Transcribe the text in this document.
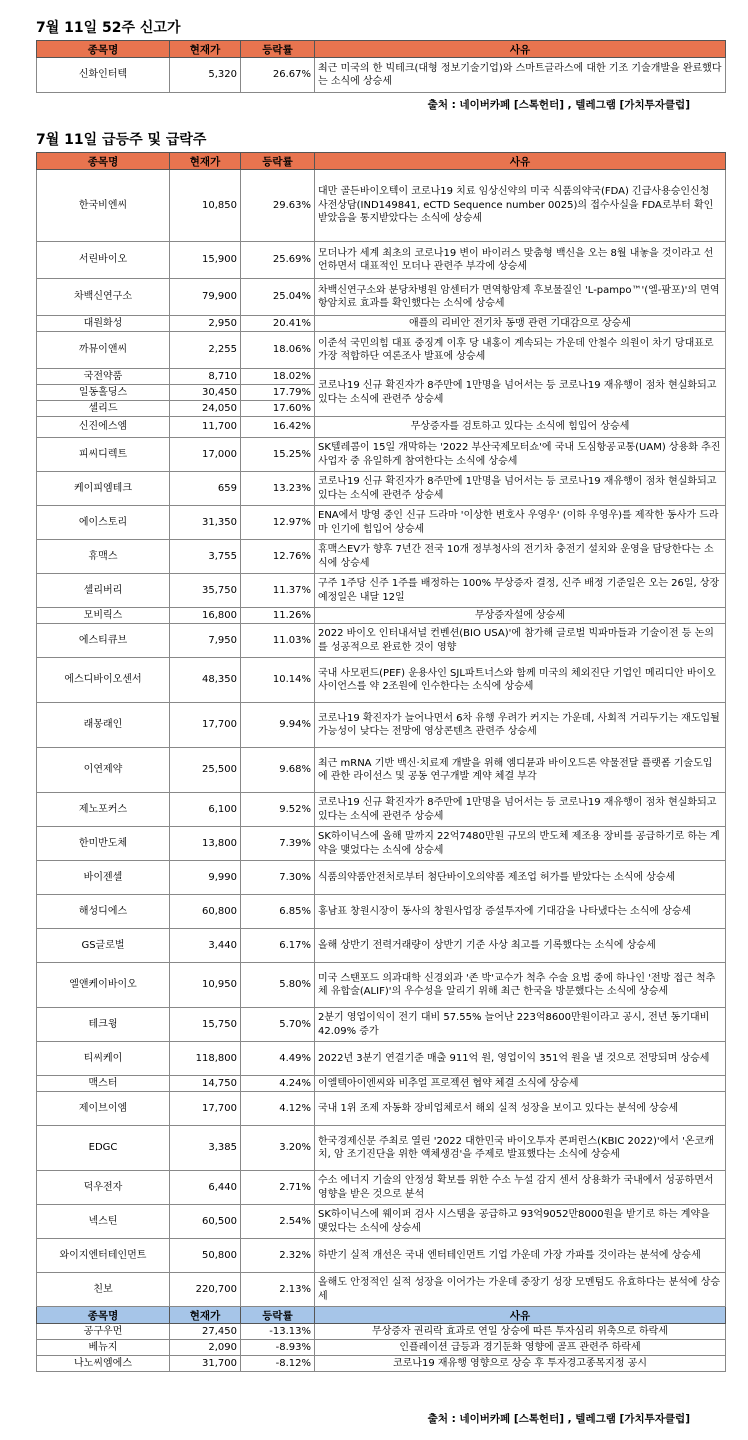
7월 11일 52주 신고가
종목명	현재가	등락률	사유
신화인터텍	5,320	26.67%	최근 미국의 한 빅테크(대형 정보기술기업)와 스마트글라스에 대한 기조 기술개발을 완료했다는 소식에 상승세
출처 : 네이버카페 [스톡헌터] , 텔레그램 [가치투자클럽]
7월 11일 급등주 및 급락주
종목명	현재가	등락률	사유
한국비엔씨	10,850	29.63%	대만 골든바이오텍이 코로나19 치료 임상신약의 미국 식품의약국(FDA) 긴급사용승인신청 사전상담(IND149841, eCTD Sequence number 0025)의 접수사실을 FDA로부터 확인받았음을 통지받았다는 소식에 상승세
서린바이오	15,900	25.69%	모더나가 세계 최초의 코로나19 변이 바이러스 맞춤형 백신을 오는 8월 내놓을 것이라고 선언하면서 대표적인 모더나 관련주 부각에 상승세
차백신연구소	79,900	25.04%	차백신연구소와 분당차병원 암센터가 면역항암제 후보물질인 'L-pampo™'(엘-팜포)'의 면역항암치료 효과를 확인했다는 소식에 상승세
대원화성	2,950	20.41%	애플의 리비안 전기차 동맹 관련 기대감으로 상승세
까뮤이앤씨	2,255	18.06%	이준석 국민의힘 대표 중징계 이후 당 내홍이 계속되는 가운데 안철수 의원이 차기 당대표로 가장 적합하단 여론조사 발표에 상승세
국전약품	8,710	18.02%	코로나19 신규 확진자가 8주만에 1만명을 넘어서는 등 코로나19 재유행이 점차 현실화되고 있다는 소식에 관련주 상승세
일동홀딩스	30,450	17.79%	
셀리드	24,050	17.60%	
신진에스엠	11,700	16.42%	무상증자를 검토하고 있다는 소식에 힘입어 상승세
피씨디렉트	17,000	15.25%	SK텔레콤이 15일 개막하는 '2022 부산국제모터쇼'에 국내 도심항공교통(UAM) 상용화 추진 사업자 중 유일하게 참여한다는 소식에 상승세
케이피엠테크	659	13.23%	코로나19 신규 확진자가 8주만에 1만명을 넘어서는 등 코로나19 재유행이 점차 현실화되고 있다는 소식에 관련주 상승세
에이스토리	31,350	12.97%	ENA에서 방영 중인 신규 드라마 '이상한 변호사 우영우' (이하 우영우)를 제작한 동사가 드라마 인기에 힘입어 상승세
휴맥스	3,755	12.76%	휴맥스EV가 향후 7년간 전국 10개 정부청사의 전기차 충전기 설치와 운영을 담당한다는 소식에 상승세
셀리버리	35,750	11.37%	구주 1주당 신주 1주를 배정하는 100% 무상증자 결정, 신주 배정 기준일은 오는 26일, 상장 예정일은 내달 12일
모비릭스	16,800	11.26%	무상증자설에 상승세
에스티큐브	7,950	11.03%	2022 바이오 인터내셔널 컨벤션(BIO USA)'에 참가해 글로벌 빅파마들과 기술이전 등 논의를 성공적으로 완료한 것이 영향
에스디바이오센서	48,350	10.14%	국내 사모펀드(PEF) 운용사인 SJL파트너스와 함께 미국의 체외진단 기업인 메리디안 바이오사이언스를 약 2조원에 인수한다는 소식에 상승세
래몽래인	17,700	9.94%	코로나19 확진자가 늘어나면서 6차 유행 우려가 커지는 가운데, 사회적 거리두기는 재도입될 가능성이 낮다는 전망에 영상콘텐츠 관련주 상승세
이연제약	25,500	9.68%	최근 mRNA 기반 백신·치료제 개발을 위해 엠디뮨과 바이오드론 약물전달 플랫폼 기술도입에 관한 라이선스 및 공동 연구개발 계약 체결 부각
제노포커스	6,100	9.52%	코로나19 신규 확진자가 8주만에 1만명을 넘어서는 등 코로나19 재유행이 점차 현실화되고 있다는 소식에 관련주 상승세
한미반도체	13,800	7.39%	SK하이닉스에 올해 말까지 22억7480만원 규모의 반도체 제조용 장비를 공급하기로 하는 계약을 맺었다는 소식에 상승세
바이젠셀	9,990	7.30%	식품의약품안전처로부터 첨단바이오의약품 제조업 허가를 받았다는 소식에 상승세
해성디에스	60,800	6.85%	홍남표 창원시장이 동사의 창원사업장 증설투자에 기대감을 나타냈다는 소식에 상승세
GS글로벌	3,440	6.17%	올해 상반기 전력거래량이 상반기 기준 사상 최고를 기록했다는 소식에 상승세
엘앤케이바이오	10,950	5.80%	미국 스탠포드 의과대학 신경외과 '존 박'교수가 척추 수술 요법 중에 하나인 '전방 접근 척추체 유합술(ALIF)'의 우수성을 알리기 위해 최근 한국을 방문했다는 소식에 상승세
테크윙	15,750	5.70%	2분기 영업이익이 전기 대비 57.55% 늘어난 223억8600만원이라고 공시, 전년 동기대비 42.09% 증가
티씨케이	118,800	4.49%	2022년 3분기 연결기준 매출 911억 원, 영업이익 351억 원을 낼 것으로 전망되며 상승세
맥스터	14,750	4.24%	이엘텍아이엔씨와 비추얼 프로젝션 협약 체결 소식에 상승세
제이브이엠	17,700	4.12%	국내 1위 조제 자동화 장비업체로서 해외 실적 성장을 보이고 있다는 분석에 상승세
EDGC	3,385	3.20%	한국경제신문 주최로 열린 '2022 대한민국 바이오투자 콘퍼런스(KBIC 2022)'에서 '온코캐치, 암 조기진단을 위한 액체생검'을 주제로 발표했다는 소식에 상승세
덕우전자	6,440	2.71%	수소 에너지 기술의 안정성 확보를 위한 수소 누설 감지 센서 상용화가 국내에서 성공하면서 영향을 받은 것으로 분석
넥스틴	60,500	2.54%	SK하이닉스에 웨이퍼 검사 시스템을 공급하고 93억9052만8000원을 받기로 하는 계약을 맺었다는 소식에 상승세
와이지엔터테인먼트	50,800	2.32%	하반기 실적 개선은 국내 엔터테인먼트 기업 가운데 가장 가파를 것이라는 분석에 상승세
친보	220,700	2.13%	올해도 안정적인 실적 성장을 이어가는 가운데 중장기 성장 모멘텀도 유효하다는 분석에 상승세
종목명	현재가	등락률	사유
공구우먼	27,450	-13.13%	무상증자 권리락 효과로 연일 상승에 따른 투자심리 위축으로 하락세
베뉴지	2,090	-8.93%	인플레이션 급등과 경기둔화 영향에 골프 관련주 하락세
나노씨엠에스	31,700	-8.12%	코로나19 재유행 영향으로 상승 후 투자경고종목지정 공시
출처 : 네이버카페 [스톡헌터] , 텔레그램 [가치투자클럽]
